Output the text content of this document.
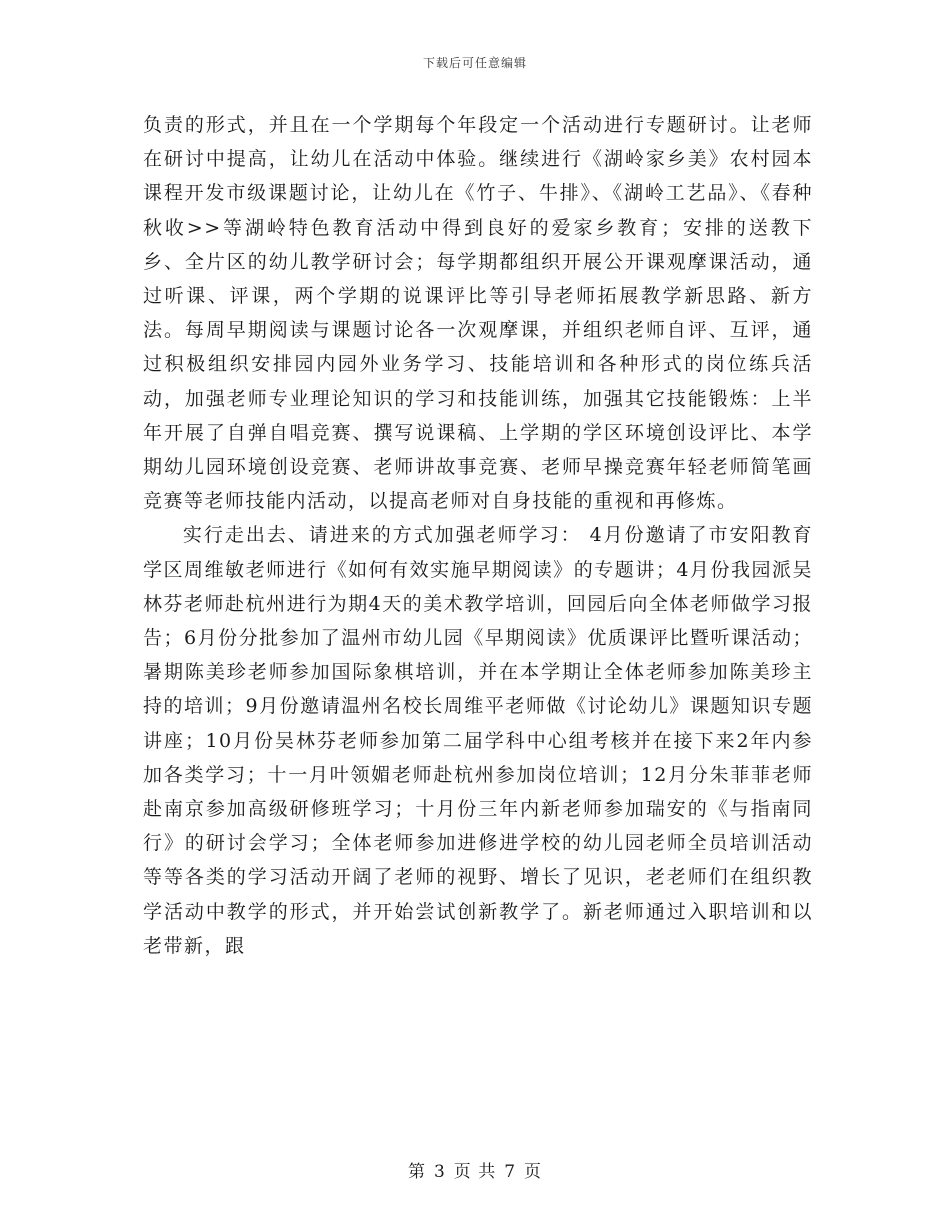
下载后可任意编辑

负责的形式，并且在一个学期每个年段定一个活动进行专题研讨。让老师在研讨中提高，让幼儿在活动中体验。继续进行《湖岭家乡美》农村园本课程开发市级课题讨论，让幼儿在《竹子、牛排》、《湖岭工艺品》、《春种秋收>>等湖岭特色教育活动中得到良好的爱家乡教育；安排的送教下乡、全片区的幼儿教学研讨会；每学期都组织开展公开课观摩课活动，通过听课、评课，两个学期的说课评比等引导老师拓展教学新思路、新方法。每周早期阅读与课题讨论各一次观摩课，并组织老师自评、互评，通过积极组织安排园内园外业务学习、技能培训和各种形式的岗位练兵活动，加强老师专业理论知识的学习和技能训练，加强其它技能锻炼：上半年开展了自弹自唱竞赛、撰写说课稿、上学期的学区环境创设评比、本学期幼儿园环境创设竞赛、老师讲故事竞赛、老师早操竞赛年轻老师简笔画竞赛等老师技能内活动，以提高老师对自身技能的重视和再修炼。

实行走出去、请进来的方式加强老师学习： 4月份邀请了市安阳教育学区周维敏老师进行《如何有效实施早期阅读》的专题讲；4月份我园派吴林芬老师赴杭州进行为期4天的美术教学培训，回园后向全体老师做学习报告；6月份分批参加了温州市幼儿园《早期阅读》优质课评比暨听课活动；暑期陈美珍老师参加国际象棋培训，并在本学期让全体老师参加陈美珍主持的培训；9月份邀请温州名校长周维平老师做《讨论幼儿》课题知识专题讲座；10月份吴林芬老师参加第二届学科中心组考核并在接下来2年内参加各类学习；十一月叶领媚老师赴杭州参加岗位培训；12月分朱菲菲老师赴南京参加高级研修班学习；十月份三年内新老师参加瑞安的《与指南同行》的研讨会学习；全体老师参加进修进学校的幼儿园老师全员培训活动等等各类的学习活动开阔了老师的视野、增长了见识，老老师们在组织教学活动中教学的形式，并开始尝试创新教学了。新老师通过入职培训和以老带新，跟

第 3 页 共 7 页
